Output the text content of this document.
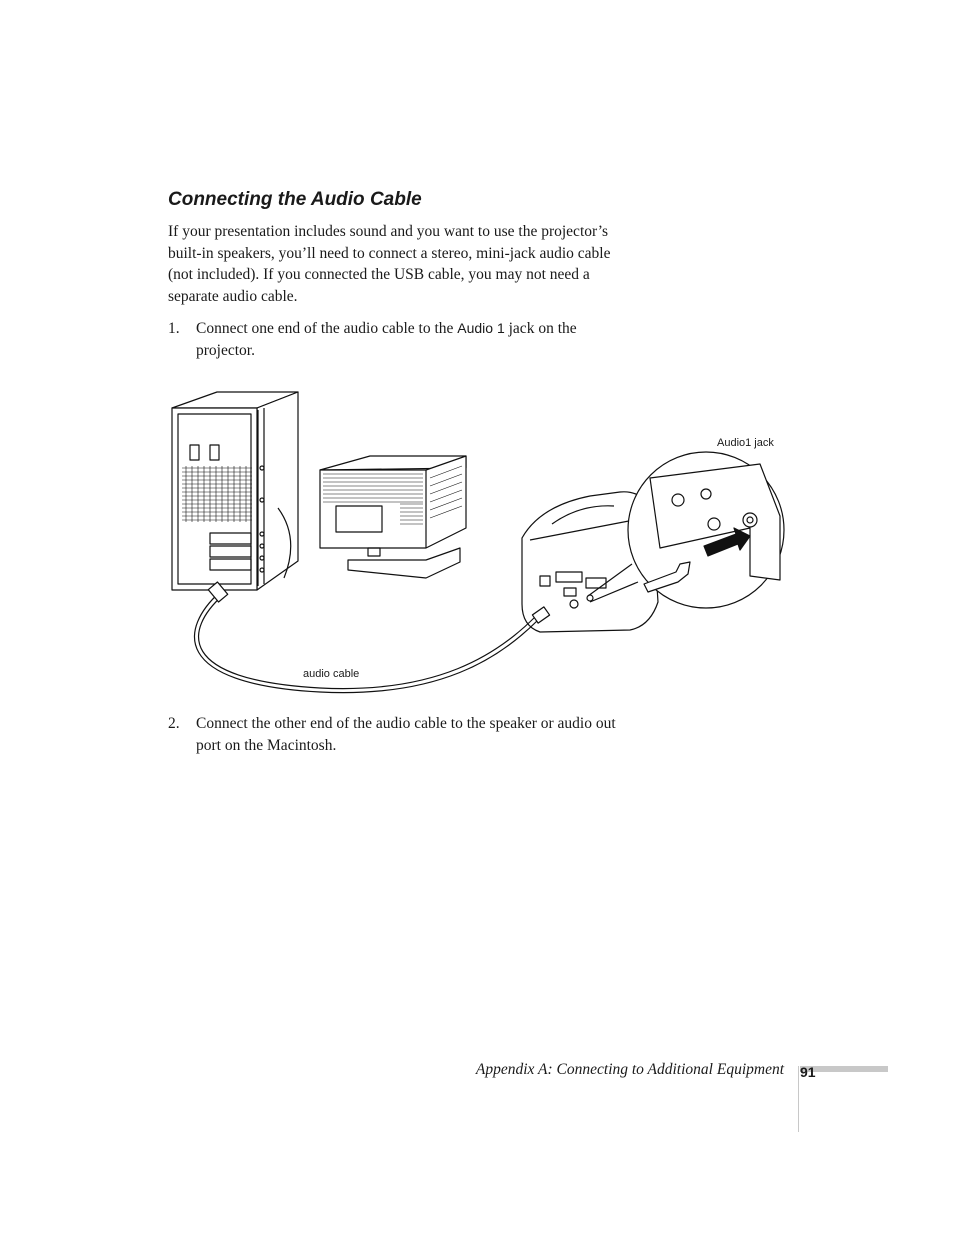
Connecting the Audio Cable

If your presentation includes sound and you want to use the projector’s built-in speakers, you’ll need to connect a stereo, mini-jack audio cable (not included). If you connected the USB cable, you may not need a separate audio cable.

1. Connect one end of the audio cable to the Audio 1 jack on the projector.
Audio1 jack
audio cable
2. Connect the other end of the audio cable to the speaker or audio out port on the Macintosh.
Appendix A: Connecting to Additional Equipment 91
